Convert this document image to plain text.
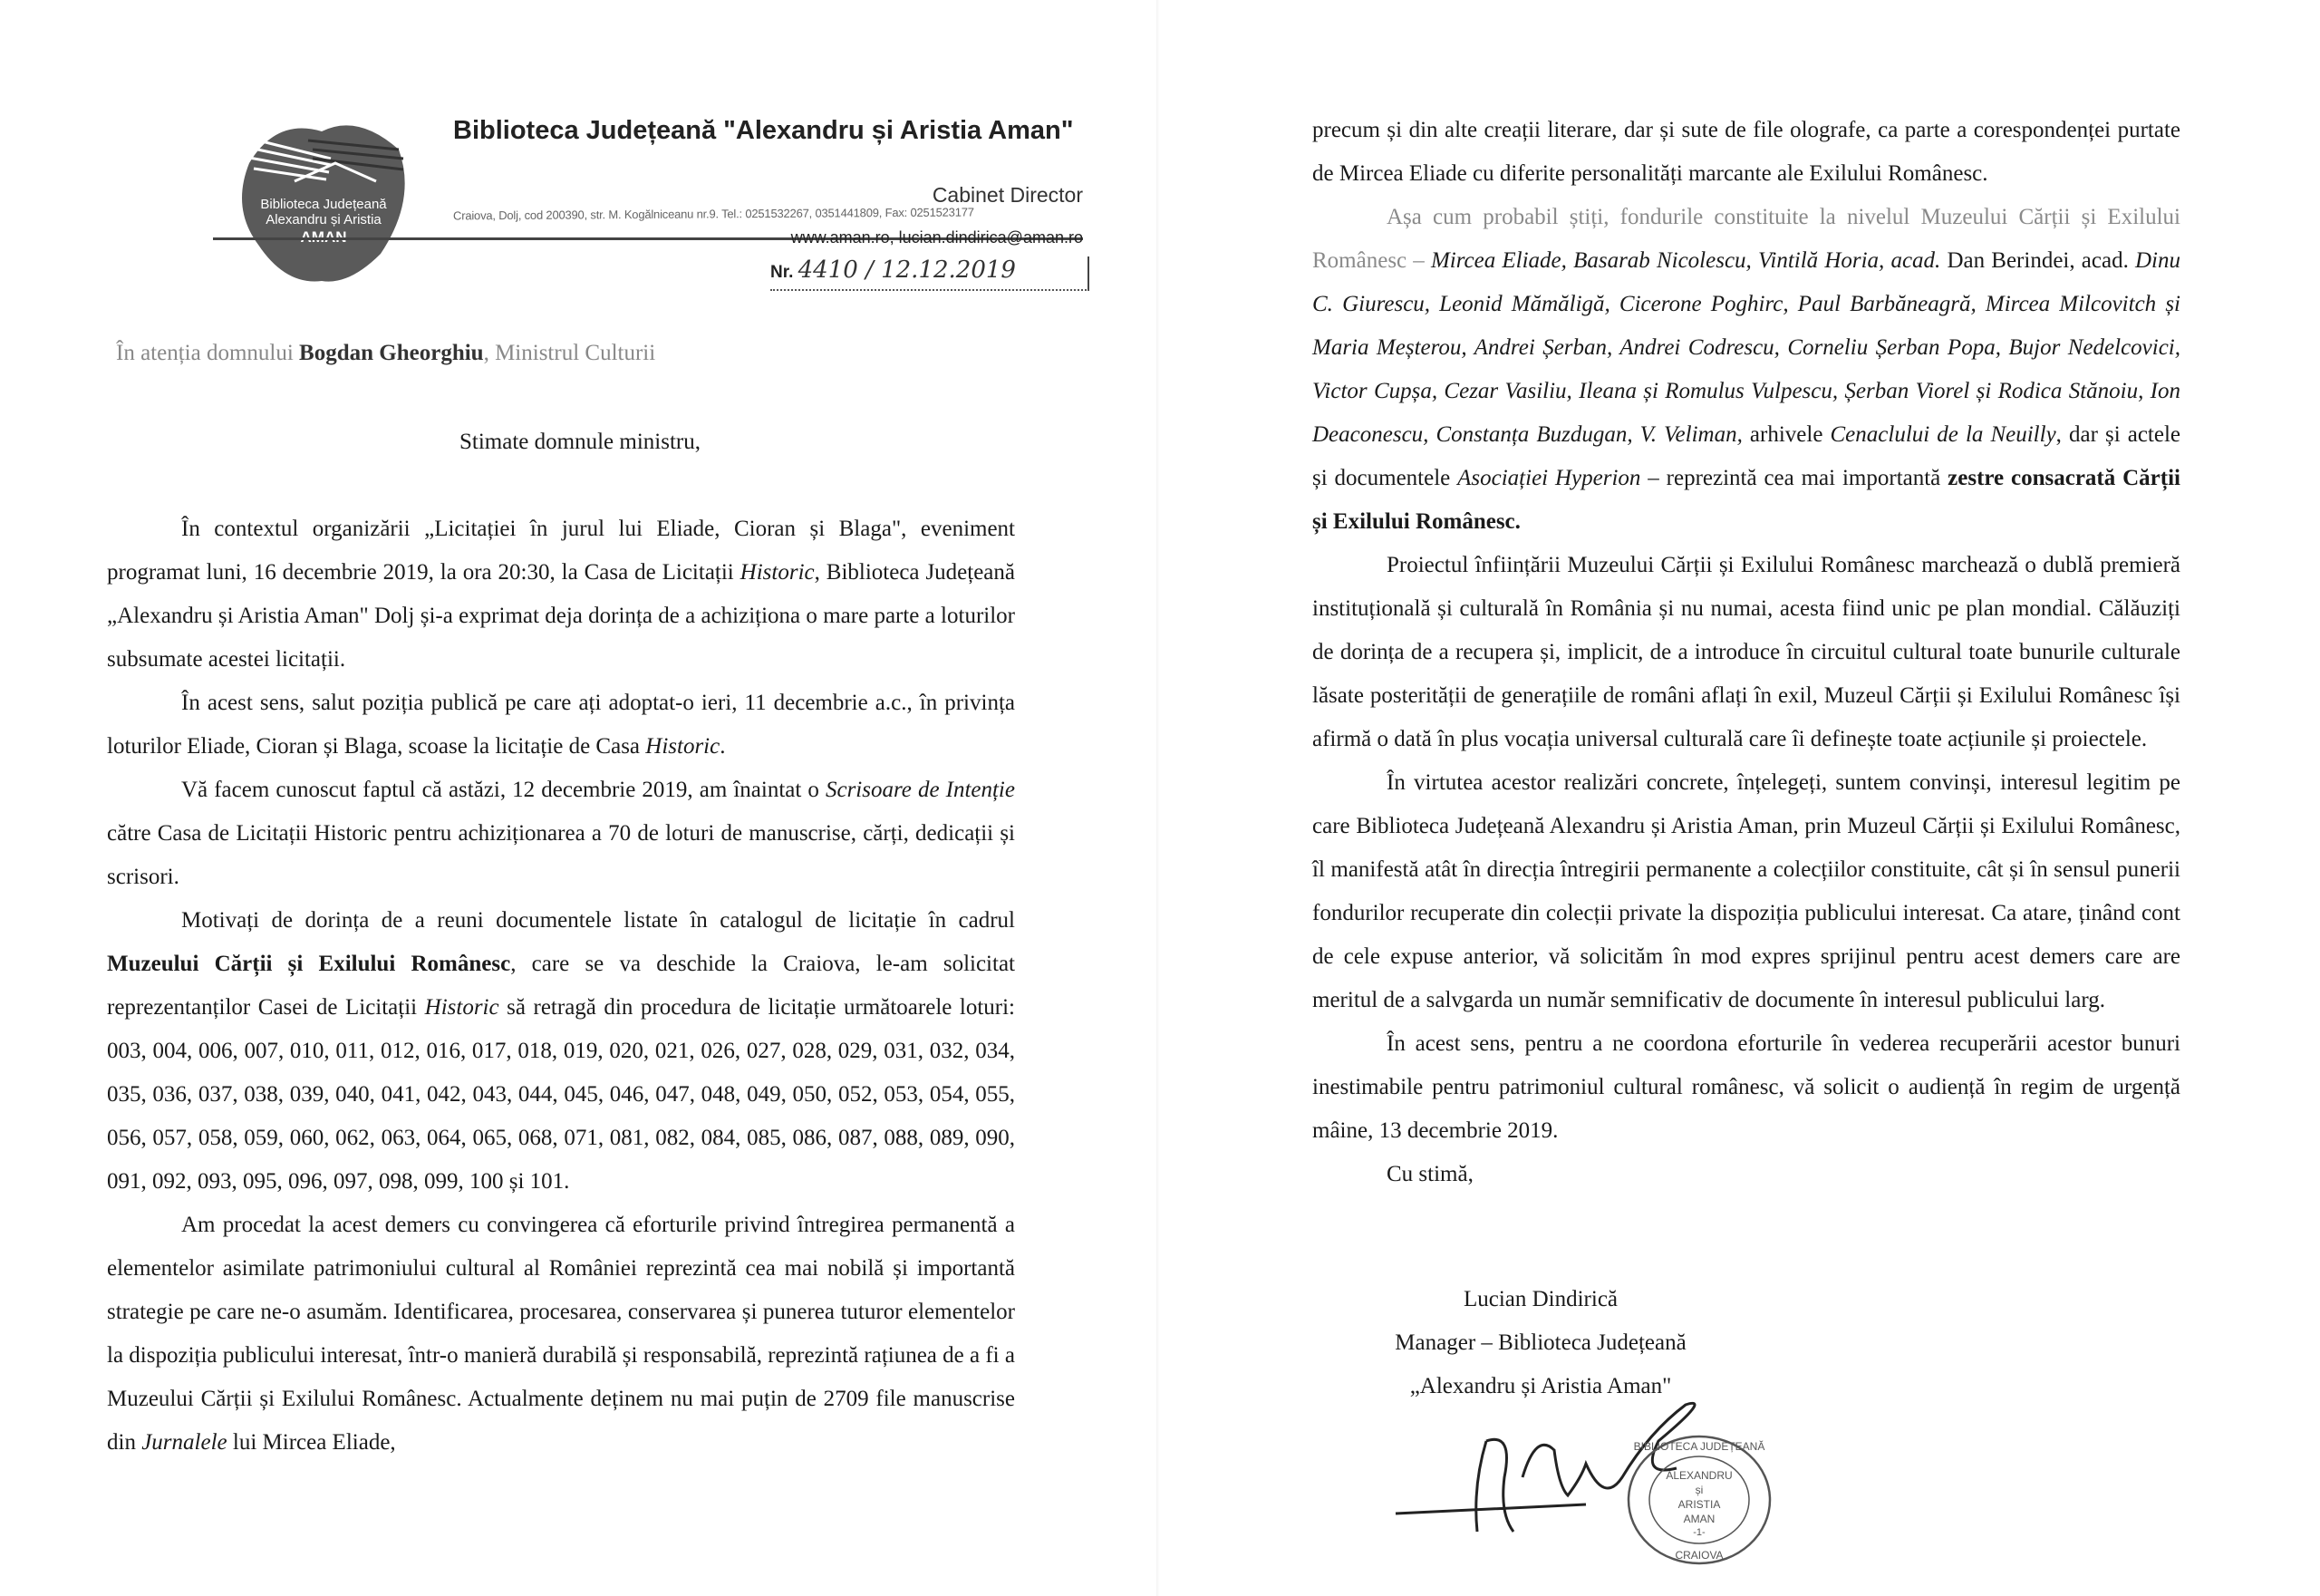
Biblioteca Județeană
Alexandru și Aristia
Biblioteca Județeană "Alexandru și Aristia Aman"
Cabinet Director
Craiova, Dolj, cod 200390, str. M. Kogălniceanu nr.9. Tel.: 0251532267, 0351441809, Fax: 0251523177
www.aman.ro, lucian.dindirica@aman.ro
Nr. 4410 / 12.12.2019
În atenția domnului Bogdan Gheorghiu, Ministrul Culturii
Stimate domnule ministru,

În contextul organizării „Licitației în jurul lui Eliade, Cioran și Blaga", eveniment programat luni, 16 decembrie 2019, la ora 20:30, la Casa de Licitații Historic, Biblioteca Județeană „Alexandru și Aristia Aman" Dolj și-a exprimat deja dorința de a achiziționa o mare parte a loturilor subsumate acestei licitații.

În acest sens, salut poziția publică pe care ați adoptat-o ieri, 11 decembrie a.c., în privința loturilor Eliade, Cioran și Blaga, scoase la licitație de Casa Historic.

Vă facem cunoscut faptul că astăzi, 12 decembrie 2019, am înaintat o Scrisoare de Intenție către Casa de Licitații Historic pentru achiziționarea a 70 de loturi de manuscrise, cărți, dedicații și scrisori.

Motivați de dorința de a reuni documentele listate în catalogul de licitație în cadrul Muzeului Cărții și Exilului Românesc, care se va deschide la Craiova, le-am solicitat reprezentanților Casei de Licitații Historic să retragă din procedura de licitație următoarele loturi: 003, 004, 006, 007, 010, 011, 012, 016, 017, 018, 019, 020, 021, 026, 027, 028, 029, 031, 032, 034, 035, 036, 037, 038, 039, 040, 041, 042, 043, 044, 045, 046, 047, 048, 049, 050, 052, 053, 054, 055, 056, 057, 058, 059, 060, 062, 063, 064, 065, 068, 071, 081, 082, 084, 085, 086, 087, 088, 089, 090, 091, 092, 093, 095, 096, 097, 098, 099, 100 și 101.

Am procedat la acest demers cu convingerea că eforturile privind întregirea permanentă a elementelor asimilate patrimoniului cultural al României reprezintă cea mai nobilă și importantă strategie pe care ne-o asumăm. Identificarea, procesarea, conservarea și punerea tuturor elementelor la dispoziția publicului interesat, într-o manieră durabilă și responsabilă, reprezintă rațiunea de a fi a Muzeului Cărții și Exilului Românesc. Actualmente deținem nu mai puțin de 2709 file manuscrise din Jurnalele lui Mircea Eliade,

precum și din alte creații literare, dar și sute de file olografe, ca parte a corespondenței purtate de Mircea Eliade cu diferite personalități marcante ale Exilului Românesc.

Așa cum probabil știți, fondurile constituite la nivelul Muzeului Cărții și Exilului Românesc – Mircea Eliade, Basarab Nicolescu, Vintilă Horia, acad. Dan Berindei, acad. Dinu C. Giurescu, Leonid Mămăligă, Cicerone Poghirc, Paul Barbăneagră, Mircea Milcovitch și Maria Meșterou, Andrei Șerban, Andrei Codrescu, Corneliu Șerban Popa, Bujor Nedelcovici, Victor Cupșa, Cezar Vasiliu, Ileana și Romulus Vulpescu, Șerban Viorel și Rodica Stănoiu, Ion Deaconescu, Constanța Buzdugan, V. Veliman, arhivele Cenaclului de la Neuilly, dar și actele și documentele Asociației Hyperion – reprezintă cea mai importantă zestre consacrată Cărții și Exilului Românesc.

Proiectul înființării Muzeului Cărții și Exilului Românesc marchează o dublă premieră instituțională și culturală în România și nu numai, acesta fiind unic pe plan mondial. Călăuziți de dorința de a recupera și, implicit, de a introduce în circuitul cultural toate bunurile culturale lăsate posterității de generațiile de români aflați în exil, Muzeul Cărții și Exilului Românesc își afirmă o dată în plus vocația universal culturală care îi definește toate acțiunile și proiectele.

În virtutea acestor realizări concrete, înțelegeți, suntem convinși, interesul legitim pe care Biblioteca Județeană Alexandru și Aristia Aman, prin Muzeul Cărții și Exilului Românesc, îl manifestă atât în direcția întregirii permanente a colecțiilor constituite, cât și în sensul punerii fondurilor recuperate din colecții private la dispoziția publicului interesat. Ca atare, ținând cont de cele expuse anterior, vă solicităm în mod expres sprijinul pentru acest demers care are meritul de a salvgarda un număr semnificativ de documente în interesul publicului larg.

În acest sens, pentru a ne coordona eforturile în vederea recuperării acestor bunuri inestimabile pentru patrimoniul cultural românesc, vă solicit o audiență în regim de urgență mâine, 13 decembrie 2019.

Cu stimă,

Lucian Dindirică
Manager – Biblioteca Județeană
„Alexandru și Aristia Aman"
BIBLIOTECA JUDEȚEANĂ
ALEXANDRU
și
ARISTIA
AMAN
-1-
CRAIOVA
